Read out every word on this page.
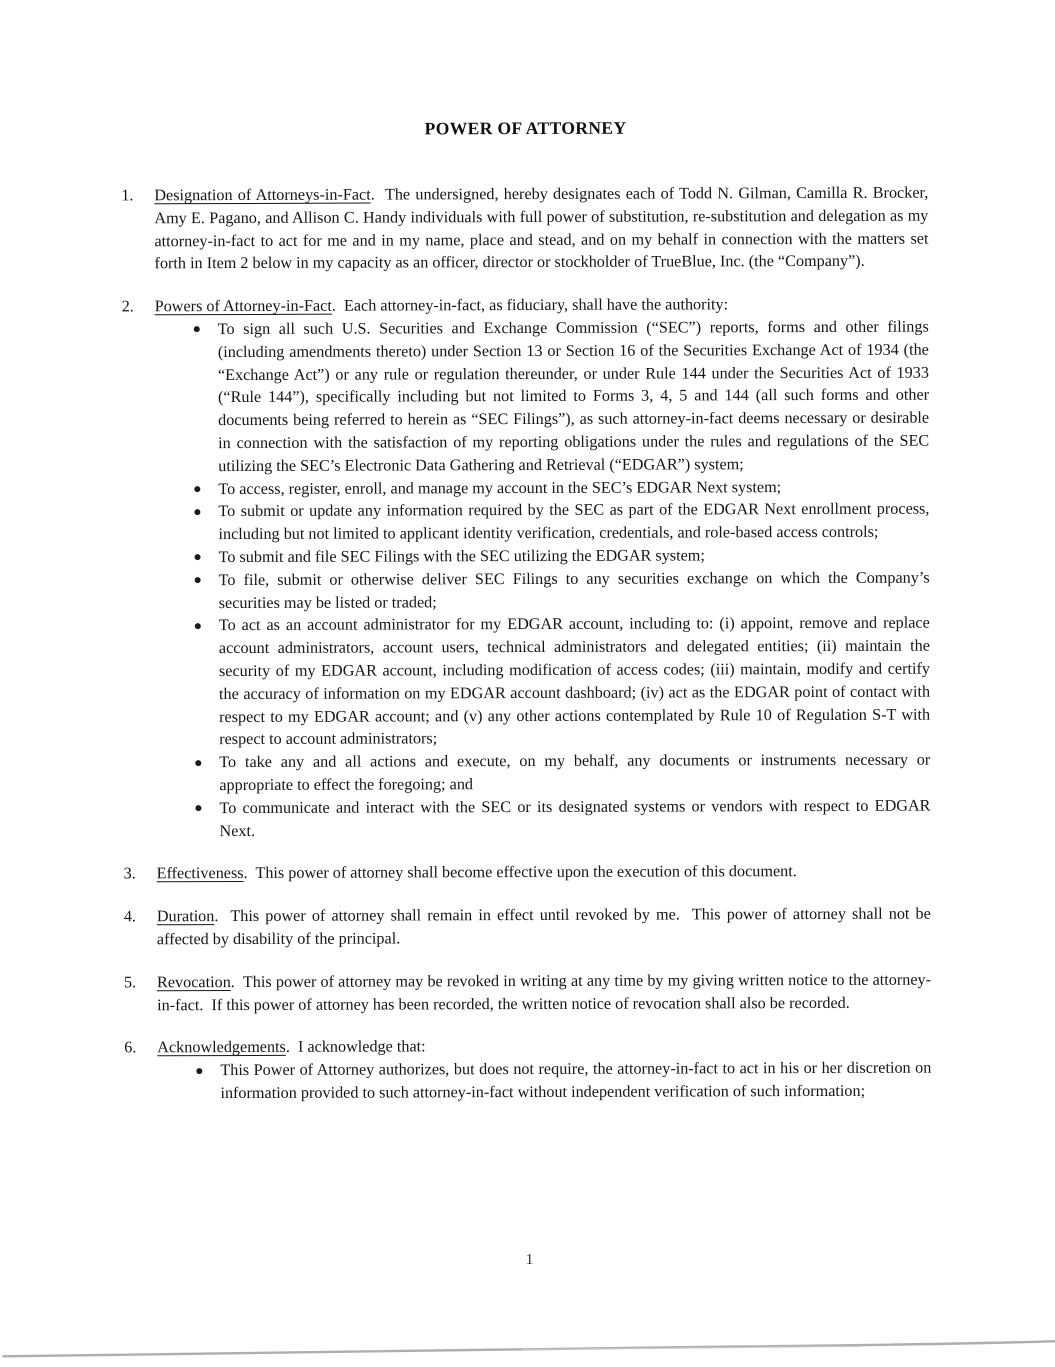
POWER OF ATTORNEY
1.	Designation of Attorneys-in-Fact.  The undersigned, hereby designates each of Todd N. Gilman, Camilla R. Brocker, Amy E. Pagano, and Allison C. Handy individuals with full power of substitution, re-substitution and delegation as my attorney-in-fact to act for me and in my name, place and stead, and on my behalf in connection with the matters set forth in Item 2 below in my capacity as an officer, director or stockholder of TrueBlue, Inc. (the “Company”).
2.	Powers of Attorney-in-Fact.  Each attorney-in-fact, as fiduciary, shall have the authority:
To sign all such U.S. Securities and Exchange Commission (“SEC”) reports, forms and other filings (including amendments thereto) under Section 13 or Section 16 of the Securities Exchange Act of 1934 (the “Exchange Act”) or any rule or regulation thereunder, or under Rule 144 under the Securities Act of 1933 (“Rule 144”), specifically including but not limited to Forms 3, 4, 5 and 144 (all such forms and other documents being referred to herein as “SEC Filings”), as such attorney-in-fact deems necessary or desirable in connection with the satisfaction of my reporting obligations under the rules and regulations of the SEC utilizing the SEC’s Electronic Data Gathering and Retrieval (“EDGAR”) system;
To access, register, enroll, and manage my account in the SEC’s EDGAR Next system;
To submit or update any information required by the SEC as part of the EDGAR Next enrollment process, including but not limited to applicant identity verification, credentials, and role-based access controls;
To submit and file SEC Filings with the SEC utilizing the EDGAR system;
To file, submit or otherwise deliver SEC Filings to any securities exchange on which the Company’s securities may be listed or traded;
To act as an account administrator for my EDGAR account, including to: (i) appoint, remove and replace account administrators, account users, technical administrators and delegated entities; (ii) maintain the security of my EDGAR account, including modification of access codes; (iii) maintain, modify and certify the accuracy of information on my EDGAR account dashboard; (iv) act as the EDGAR point of contact with respect to my EDGAR account; and (v) any other actions contemplated by Rule 10 of Regulation S-T with respect to account administrators;
To take any and all actions and execute, on my behalf, any documents or instruments necessary or appropriate to effect the foregoing; and
To communicate and interact with the SEC or its designated systems or vendors with respect to EDGAR Next.
3.	Effectiveness.  This power of attorney shall become effective upon the execution of this document.
4.	Duration.  This power of attorney shall remain in effect until revoked by me.  This power of attorney shall not be affected by disability of the principal.
5.	Revocation.  This power of attorney may be revoked in writing at any time by my giving written notice to the attorney-in-fact.  If this power of attorney has been recorded, the written notice of revocation shall also be recorded.
6.	Acknowledgements.  I acknowledge that:
This Power of Attorney authorizes, but does not require, the attorney-in-fact to act in his or her discretion on information provided to such attorney-in-fact without independent verification of such information;
1
